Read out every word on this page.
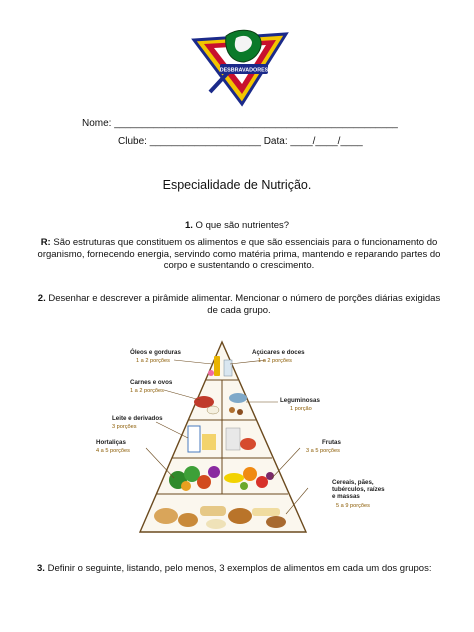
DESBRAVADORES
Nome: ___________________________________________________
Clube: ____________________ Data: ____/____/____
Especialidade de Nutrição.
1. O que são nutrientes?
R: São estruturas que constituem os alimentos e que são essenciais para o funcionamento do organismo, fornecendo energia, servindo como matéria prima, mantendo e reparando partes do corpo e sustentando o crescimento.
2. Desenhar e descrever a pirâmide alimentar. Mencionar o número de porções diárias exigidas de cada grupo.
Óleos e gorduras
1 a 2 porções
Açúcares e doces
1 a 2 porções
Carnes e ovos
1 a 2 porções
Leguminosas
1 porção
Leite e derivados
3 porções
Hortaliças
4 a 5 porções
Frutas
3 a 5 porções
Cereais, pães,
tubérculos, raízes
e massas
5 a 9 porções
3. Definir o seguinte, listando, pelo menos, 3 exemplos de alimentos em cada um dos grupos:
